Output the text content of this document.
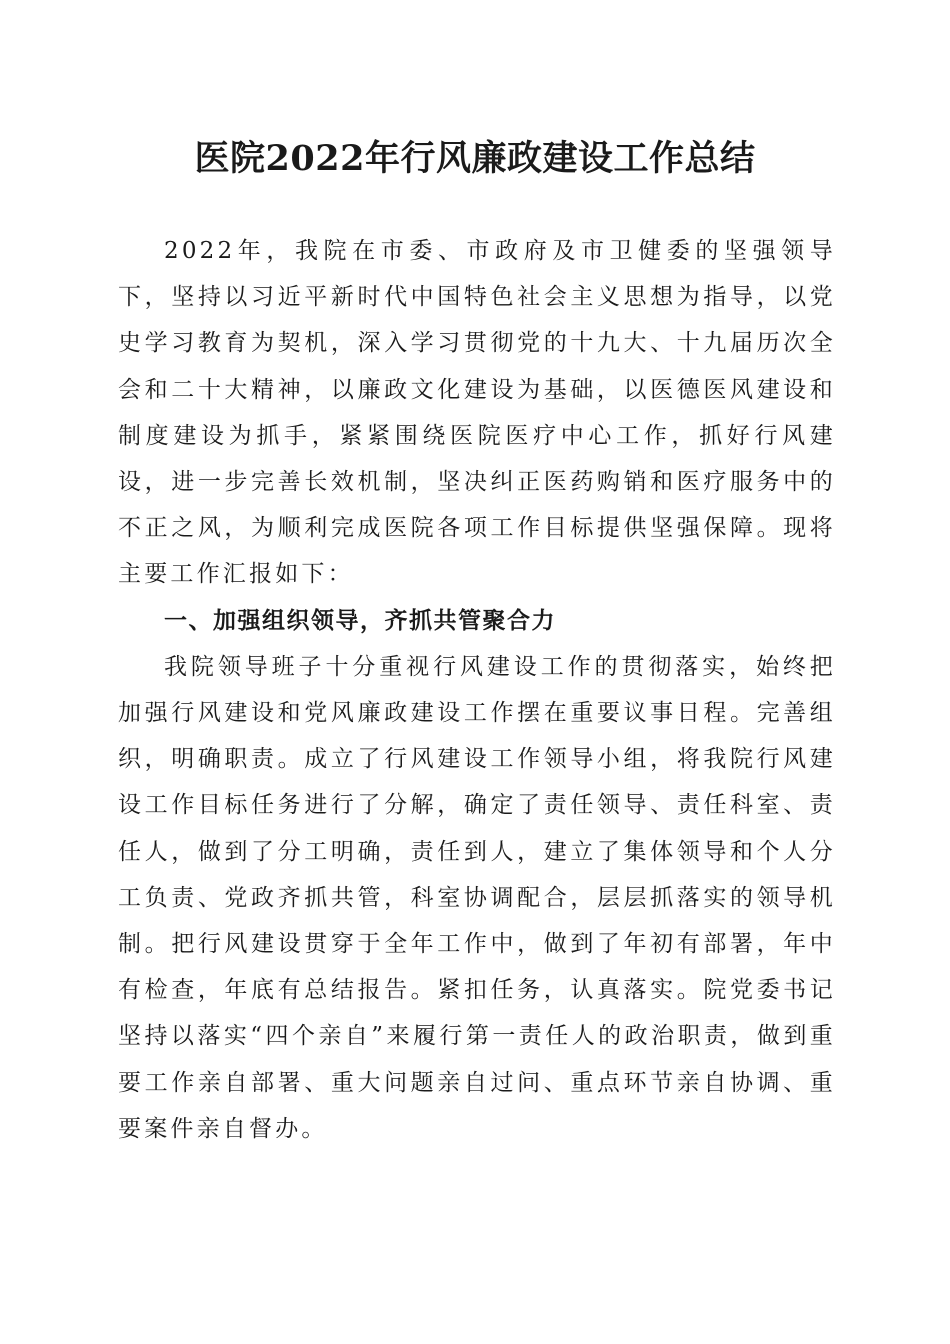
医院2022年行风廉政建设工作总结

2022年，我院在市委、市政府及市卫健委的坚强领导下，坚持以习近平新时代中国特色社会主义思想为指导，以党史学习教育为契机，深入学习贯彻党的十九大、十九届历次全会和二十大精神，以廉政文化建设为基础，以医德医风建设和制度建设为抓手，紧紧围绕医院医疗中心工作，抓好行风建设，进一步完善长效机制，坚决纠正医药购销和医疗服务中的不正之风，为顺利完成医院各项工作目标提供坚强保障。现将主要工作汇报如下：

一、加强组织领导，齐抓共管聚合力

我院领导班子十分重视行风建设工作的贯彻落实，始终把加强行风建设和党风廉政建设工作摆在重要议事日程。完善组织，明确职责。成立了行风建设工作领导小组，将我院行风建设工作目标任务进行了分解，确定了责任领导、责任科室、责任人，做到了分工明确，责任到人，建立了集体领导和个人分工负责、党政齐抓共管，科室协调配合，层层抓落实的领导机制。把行风建设贯穿于全年工作中，做到了年初有部署，年中有检查，年底有总结报告。紧扣任务，认真落实。院党委书记坚持以落实“四个亲自”来履行第一责任人的政治职责，做到重要工作亲自部署、重大问题亲自过问、重点环节亲自协调、重要案件亲自督办。
